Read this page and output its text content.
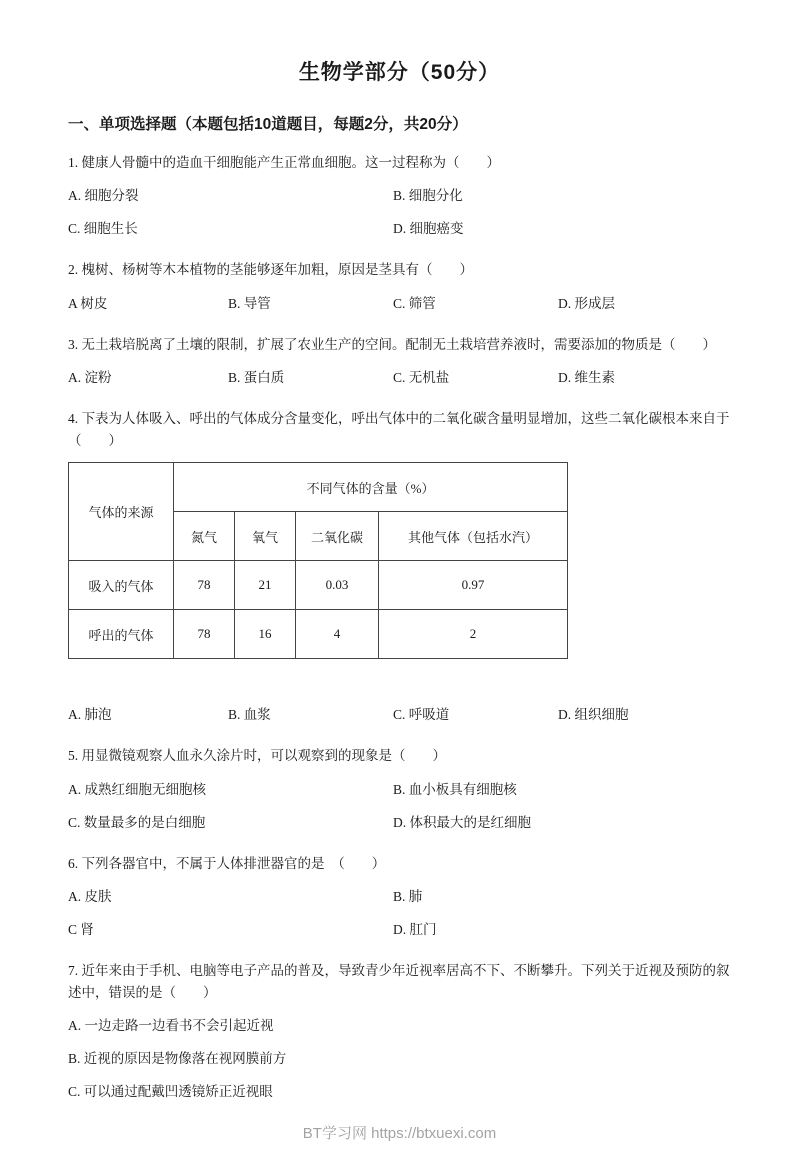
生物学部分（50分）
一、单项选择题（本题包括10道题目，每题2分，共20分）

1. 健康人骨髓中的造血干细胞能产生正常血细胞。这一过程称为（　　）

A. 细胞分裂	B. 细胞分化
C. 细胞生长	D. 细胞癌变

2. 槐树、杨树等木本植物的茎能够逐年加粗，原因是茎具有（　　）

A 树皮	B. 导管	C. 筛管	D. 形成层

3. 无土栽培脱离了土壤的限制，扩展了农业生产的空间。配制无土栽培营养液时，需要添加的物质是（　　）

A. 淀粉	B. 蛋白质	C. 无机盐	D. 维生素

4. 下表为人体吸入、呼出的气体成分含量变化，呼出气体中的二氧化碳含量明显增加，这些二氧化碳根本来自于（　　）

气体的来源	不同气体的含量（%）			
	氮气	氧气	二氧化碳	其他气体（包括水汽）
吸入的气体	78	21	0.03	0.97
呼出的气体	78	16	4	2
A. 肺泡	B. 血浆	C. 呼吸道	D. 组织细胞

5. 用显微镜观察人血永久涂片时，可以观察到的现象是（　　）

A. 成熟红细胞无细胞核	B. 血小板具有细胞核
C. 数量最多的是白细胞	D. 体积最大的是红细胞

6. 下列各器官中，不属于人体排泄器官的是　（　　）

A. 皮肤	B. 肺
C 肾	D. 肛门

7. 近年来由于手机、电脑等电子产品的普及，导致青少年近视率居高不下、不断攀升。下列关于近视及预防的叙述中，错误的是（　　）

A. 一边走路一边看书不会引起近视
B. 近视的原因是物像落在视网膜前方
C. 可以通过配戴凹透镜矫正近视眼
BT学习网 https://btxuexi.com
